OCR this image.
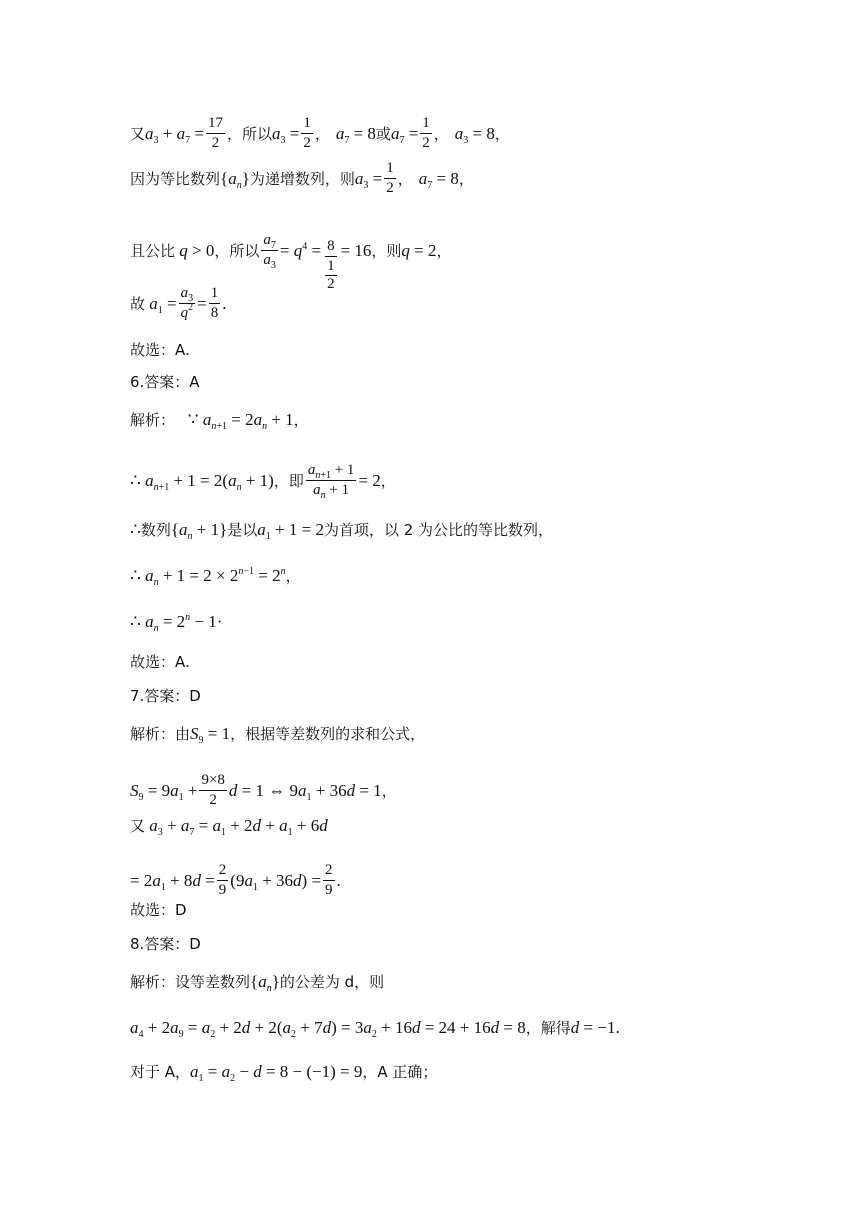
又 $a_3 + a_7 = \frac{17}{2}$ ，所以 $a_3 = \frac{1}{2}$ ， $a_7 = 8$ 或 $a_7 = \frac{1}{2}$ ， $a_3 = 8$ ，
因为等比数列 $\{a_n\}$ 为递增数列，则 $a_3 = \frac{1}{2}$ ， $a_7 = 8$ ，
且公比 q > 0 ，所以 $\frac{a_7}{a_3} = q^4 = 8$
1
2 = 16 ，则 q = 2 ，
故 $a_1 = \frac{a_3}{q^2} = \frac{1}{8}$ .
故选：A.
6.答案：A
解析： ∵ $a_{n+1} = 2a_n + 1$ ，
∴ $a_{n+1} + 1 = 2(a_n + 1)$ ，即 $\frac{a_{n+1} + 1}{a_n + 1} = 2$ ，
∴ 数列 $\{a_n + 1\}$ 是以 $a_1 + 1 = 2$ 为首项，以 2 为公比的等比数列，
∴ $a_n + 1 = 2 \times 2^{n-1} = 2^n$ ，
∴ $a_n = 2^n - 1\cdot$
故选：A.
7.答案：D
解析：由 $S_9 = 1$ ，根据等差数列的求和公式，
$S_9 = 9a_1 + \frac{9\times 8}{2}$ d = 1 ⇔ $9a_1 + 36d = 1$ ，
又 $a_3 + a_7 = a_1 + 2d + a_1 + 6d$
= $2a_1 + 8d = \frac{2}{9} (9a_1 + 36d) = \frac{2}{9}$ .
故选：D
8.答案：D
解析：设等差数列 $\{a_n\}$ 的公差为 d，则
$a_4 + 2a_9 = a_2 + 2d + 2(a_2 + 7d) = 3a_2 + 16d = 24 + 16d = 8$ ，解得 d = −1.
对于 A， $a_1 = a_2 - d = 8 - (-1) = 9$ ，A 正确；
